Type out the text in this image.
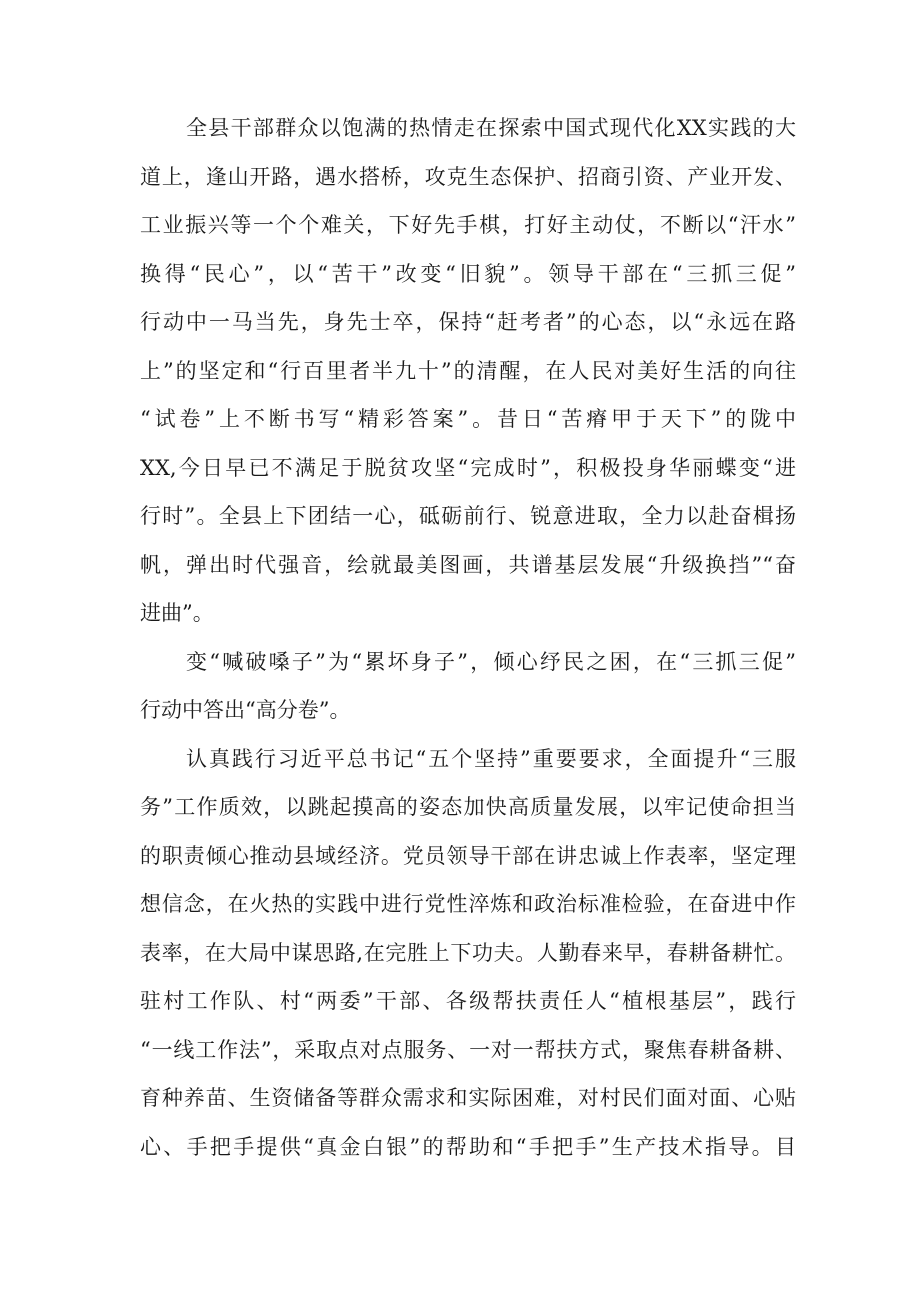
全县干部群众以饱满的热情走在探索中国式现代化XX实践的大
道上，逢山开路，遇水搭桥，攻克生态保护、招商引资、产业开发、
工业振兴等一个个难关，下好先手棋，打好主动仗，不断以“汗水”
换得“民心”，以“苦干”改变“旧貌”。领导干部在“三抓三促”
行动中一马当先，身先士卒，保持“赶考者”的心态，以“永远在路
上”的坚定和“行百里者半九十”的清醒，在人民对美好生活的向往
“试卷”上不断书写“精彩答案”。昔日“苦瘠甲于天下”的陇中
XX,今日早已不满足于脱贫攻坚“完成时”，积极投身华丽蝶变“进
行时”。全县上下团结一心，砥砺前行、锐意进取，全力以赴奋楫扬
帆，弹出时代强音，绘就最美图画，共谱基层发展“升级换挡”“奋
进曲”。
变“喊破嗓子”为“累坏身子”，倾心纾民之困，在“三抓三促”
行动中答出“高分卷”。
认真践行习近平总书记“五个坚持”重要要求，全面提升“三服
务”工作质效，以跳起摸高的姿态加快高质量发展，以牢记使命担当
的职责倾心推动县域经济。党员领导干部在讲忠诚上作表率，坚定理
想信念，在火热的实践中进行党性淬炼和政治标准检验，在奋进中作
表率，在大局中谋思路,在完胜上下功夫。人勤春来早，春耕备耕忙。
驻村工作队、村“两委”干部、各级帮扶责任人“植根基层”，践行
“一线工作法”，采取点对点服务、一对一帮扶方式，聚焦春耕备耕、
育种养苗、生资储备等群众需求和实际困难，对村民们面对面、心贴
心、手把手提供“真金白银”的帮助和“手把手”生产技术指导。目
